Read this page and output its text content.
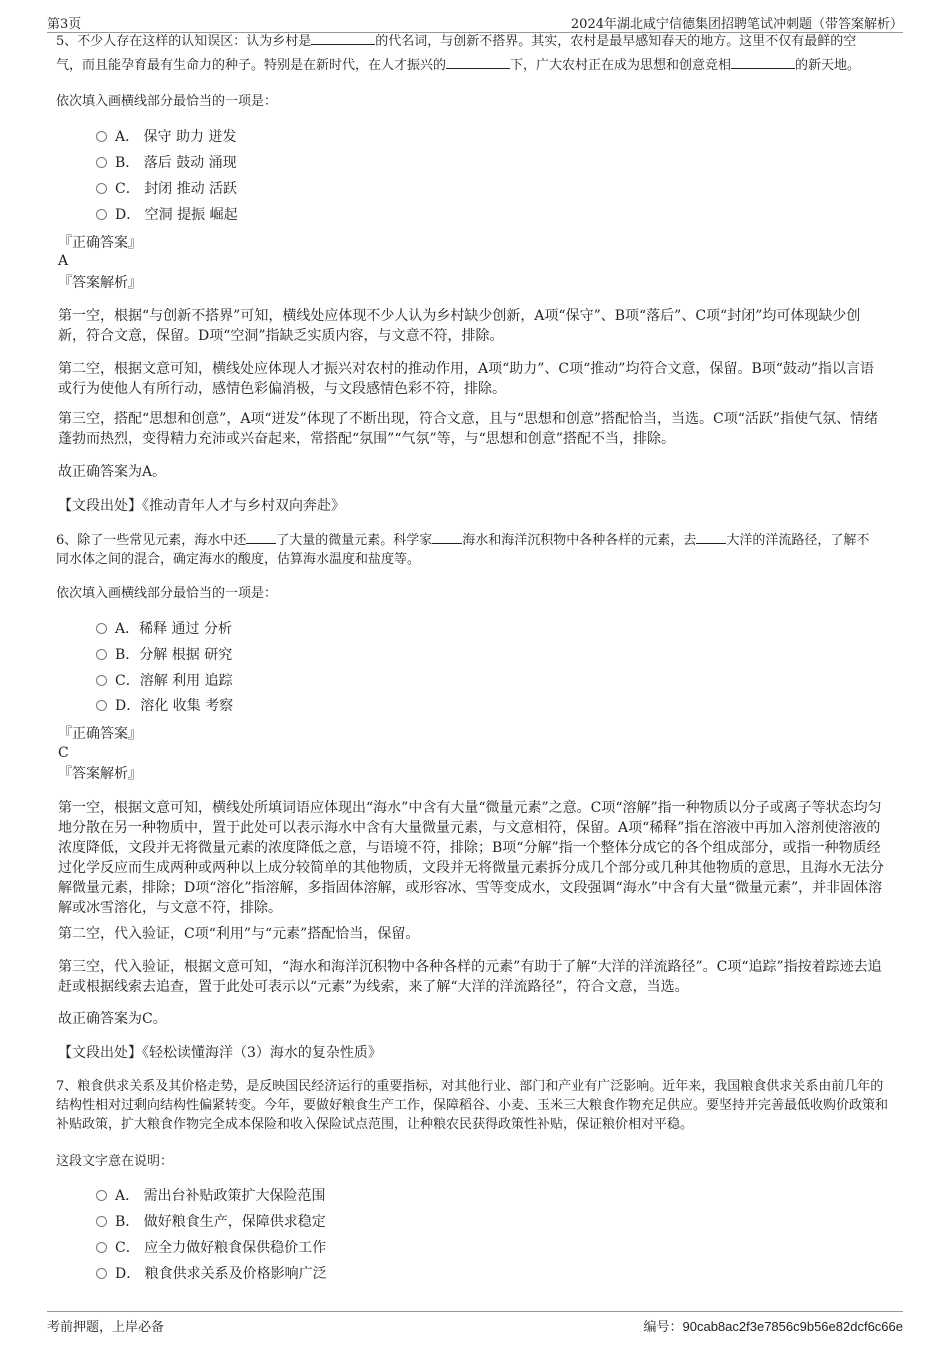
第3页	2024年湖北咸宁信德集团招聘笔试冲刺题（带答案解析）
5、不少人存在这样的认知误区：认为乡村是	的代名词，与创新不搭界。其实，农村是最早感知春天的地方。这里不仅有最鲜的空
气，而且能孕育最有生命力的种子。特别是在新时代，在人才振兴的	下，广大农村正在成为思想和创意竞相	的新天地。
依次填入画横线部分最恰当的一项是：
A． 保守 助力 迸发
B． 落后 鼓动 涌现
C． 封闭 推动 活跃
D． 空洞 提振 崛起
『正确答案』
A
『答案解析』
第一空，根据“与创新不搭界”可知，横线处应体现不少人认为乡村缺少创新，A项“保守”、B项“落后”、C项“封闭”均可体现缺少创新，符合文意，保留。D项“空洞”指缺乏实质内容，与文意不符，排除。
第二空，根据文意可知，横线处应体现人才振兴对农村的推动作用，A项“助力”、C项“推动”均符合文意，保留。B项“鼓动”指以言语或行为使他人有所行动，感情色彩偏消极，与文段感情色彩不符，排除。
第三空，搭配“思想和创意”，A项“迸发”体现了不断出现，符合文意，且与“思想和创意”搭配恰当，当选。C项“活跃”指使气氛、情绪蓬勃而热烈，变得精力充沛或兴奋起来，常搭配“氛围”“气氛”等，与“思想和创意”搭配不当，排除。
故正确答案为A。
【文段出处】《推动青年人才与乡村双向奔赴》
6、除了一些常见元素，海水中还 了大量的微量元素。科学家 海水和海洋沉积物中各种各样的元素，去 大洋的洋流路径，了解不
同水体之间的混合，确定海水的酸度，估算海水温度和盐度等。
依次填入画横线部分最恰当的一项是：
A．稀释 通过 分析
B．分解 根据 研究
C．溶解 利用 追踪
D．溶化 收集 考察
『正确答案』
C
『答案解析』
第一空，根据文意可知，横线处所填词语应体现出“海水”中含有大量“微量元素”之意。C项“溶解”指一种物质以分子或离子等状态均匀地分散在另一种物质中，置于此处可以表示海水中含有大量微量元素，与文意相符，保留。A项“稀释”指在溶液中再加入溶剂使溶液的浓度降低，文段并无将微量元素的浓度降低之意，与语境不符，排除；B项“分解”指一个整体分成它的各个组成部分，或指一种物质经过化学反应而生成两种或两种以上成分较简单的其他物质，文段并无将微量元素拆分成几个部分或几种其他物质的意思，且海水无法分解微量元素，排除；D项“溶化”指溶解，多指固体溶解，或形容冰、雪等变成水，文段强调“海水”中含有大量“微量元素”，并非固体溶解或冰雪溶化，与文意不符，排除。
第二空，代入验证，C项“利用”与“元素”搭配恰当，保留。
第三空，代入验证，根据文意可知，“海水和海洋沉积物中各种各样的元素”有助于了解“大洋的洋流路径”。C项“追踪”指按着踪迹去追赶或根据线索去追查，置于此处可表示以“元素”为线索，来了解“大洋的洋流路径”，符合文意，当选。
故正确答案为C。
【文段出处】《轻松读懂海洋（3）海水的复杂性质》
7、粮食供求关系及其价格走势，是反映国民经济运行的重要指标，对其他行业、部门和产业有广泛影响。近年来，我国粮食供求关系由前几年的结构性相对过剩向结构性偏紧转变。今年，要做好粮食生产工作，保障稻谷、小麦、玉米三大粮食作物充足供应。要坚持并完善最低收购价政策和补贴政策，扩大粮食作物完全成本保险和收入保险试点范围，让种粮农民获得政策性补贴，保证粮价相对平稳。
这段文字意在说明：
A． 需出台补贴政策扩大保险范围
B． 做好粮食生产，保障供求稳定
C． 应全力做好粮食保供稳价工作
D． 粮食供求关系及价格影响广泛
考前押题，上岸必备	编号：90cab8ac2f3e7856c9b56e82dcf6c66e
